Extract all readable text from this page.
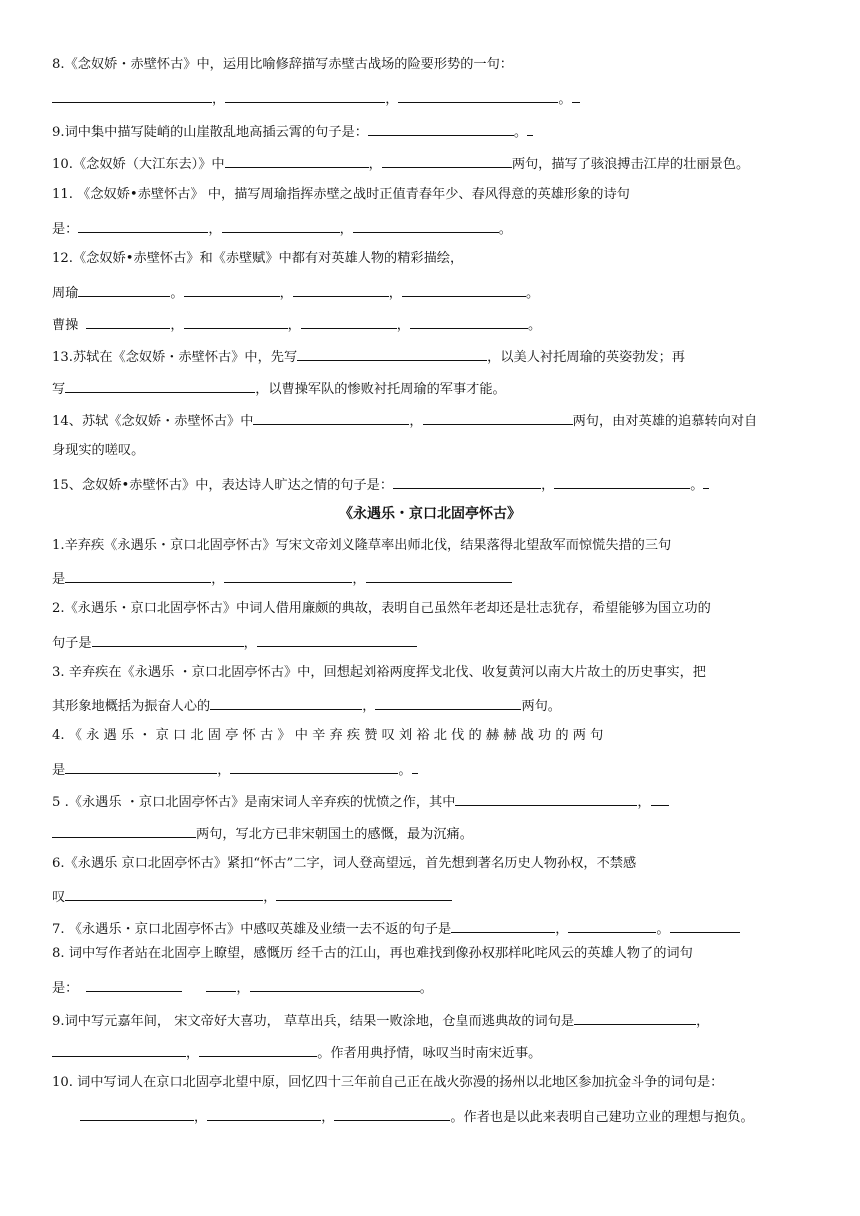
8.《念奴娇・赤壁怀古》中，运用比喻修辞描写赤壁古战场的险要形势的一句：
，	，	。
9.词中集中描写陡峭的山崖散乱地高插云霄的句子是：	。
10.《念奴娇（大江东去）》中	，	两句，描写了骇浪搏击江岸的壮丽景色。
11. 《念奴娇•赤壁怀古》 中，描写周瑜指挥赤壁之战时正值青春年少、春风得意的英雄形象的诗句
是：	，	，	。
12.《念奴娇•赤壁怀古》和《赤壁赋》中都有对英雄人物的精彩描绘，
周瑜	。	，	，	。
曹操	，	，	，	。
13.苏轼在《念奴娇・赤壁怀古》中，先写	，以美人衬托周瑜的英姿勃发；再
写	，以曹操军队的惨败衬托周瑜的军事才能。
14、苏轼《念奴娇・赤壁怀古》中	，	两句，由对英雄的追慕转向对自
身现实的嗟叹。
15、念奴娇•赤壁怀古》中，表达诗人旷达之情的句子是：	，	。
《永遇乐・京口北固亭怀古》
1.辛弃疾《永遇乐・京口北固亭怀古》写宋文帝刘义隆草率出师北伐，结果落得北望敌军而惊慌失措的三句
是	，	，
2.《永遇乐・京口北固亭怀古》中词人借用廉颇的典故，表明自己虽然年老却还是壮志犹存，希望能够为国立功的
句子是	，
3. 辛弃疾在《永遇乐 ・京口北固亭怀古》中，回想起刘裕两度挥戈北伐、收复黄河以南大片故土的历史事实，把
其形象地概括为振奋人心的	，	两句。
4. 《 永 遇 乐 ・ 京 口 北 固 亭 怀 古 》 中 辛 弃 疾 赞 叹 刘 裕 北 伐 的 赫 赫 战 功 的 两 句
是	，	。
5 .《永遇乐 ・京口北固亭怀古》是南宋词人辛弃疾的忧愤之作，其中	，
两句，写北方已非宋朝国土的感慨，最为沉痛。
6.《永遇乐 京口北固亭怀古》紧扣“怀古”二字，词人登高望远，首先想到著名历史人物孙权，不禁感
叹	，
7. 《永遇乐・京口北固亭怀古》中感叹英雄及业绩一去不返的句子是	，	。
8. 词中写作者站在北固亭上瞭望，感慨历 经千古的江山，再也难找到像孙权那样叱咤风云的英雄人物了的词句
是：	，	。
9.词中写元嘉年间， 宋文帝好大喜功， 草草出兵，结果一败涂地，仓皇而逃典故的词句是	，
，	。作者用典抒情，咏叹当时南宋近事。
10. 词中写词人在京口北固亭北望中原，回忆四十三年前自己正在战火弥漫的扬州以北地区参加抗金斗争的词句是：
，	，	。作者也是以此来表明自己建功立业的理想与抱负。
